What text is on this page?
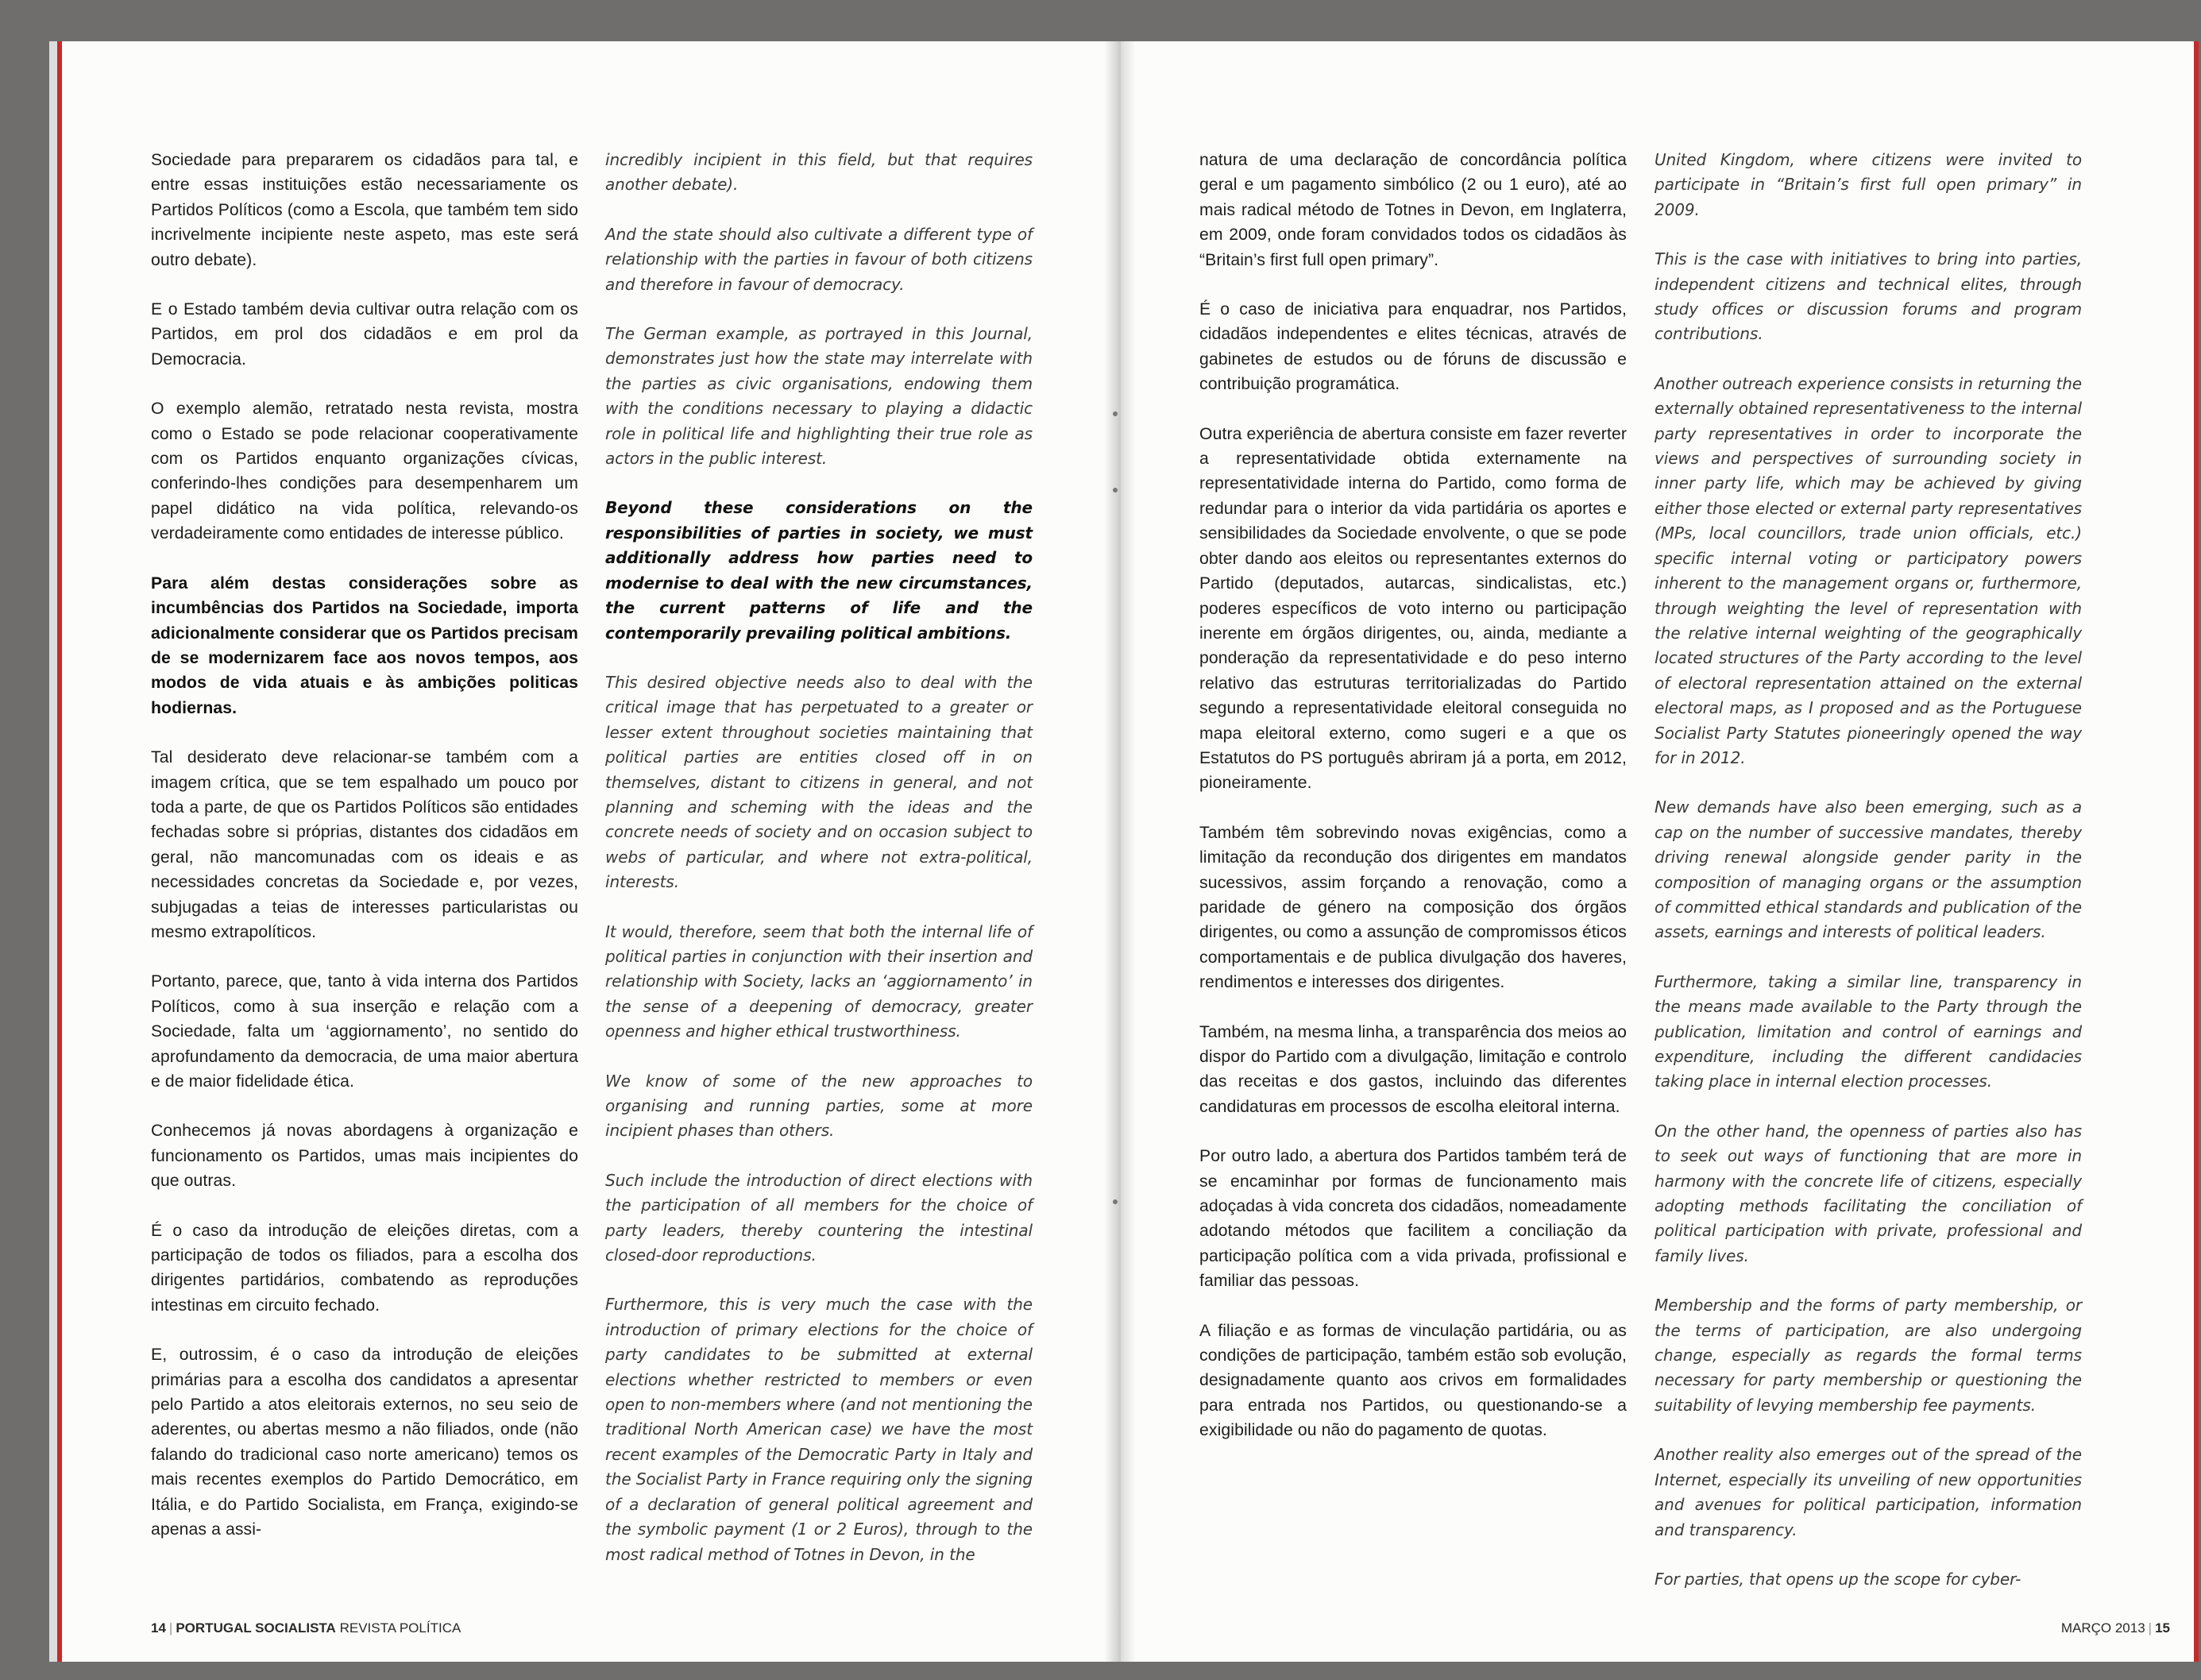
Sociedade para prepararem os cidadãos para tal, e entre essas instituições estão necessariamente os Partidos Políticos (como a Escola, que também tem sido incrivelmente incipiente neste aspeto, mas este será outro debate).

E o Estado também devia cultivar outra relação com os Partidos, em prol dos cidadãos e em prol da Democracia.

O exemplo alemão, retratado nesta revista, mostra como o Estado se pode relacionar cooperativamente com os Partidos enquanto organizações cívicas, conferindo-lhes condições para desempenharem um papel didático na vida política, relevando-os verdadeiramente como entidades de interesse público.

Para além destas considerações sobre as incumbências dos Partidos na Sociedade, importa adicionalmente considerar que os Partidos precisam de se modernizarem face aos novos tempos, aos modos de vida atuais e às ambições politicas hodiernas.

Tal desiderato deve relacionar-se também com a imagem crítica, que se tem espalhado um pouco por toda a parte, de que os Partidos Políticos são entidades fechadas sobre si próprias, distantes dos cidadãos em geral, não mancomunadas com os ideais e as necessidades concretas da Sociedade e, por vezes, subjugadas a teias de interesses particularistas ou mesmo extrapolíticos.

Portanto, parece, que, tanto à vida interna dos Partidos Políticos, como à sua inserção e relação com a Sociedade, falta um ‘aggiornamento’, no sentido do aprofundamento da democracia, de uma maior abertura e de maior fidelidade ética.

Conhecemos já novas abordagens à organização e funcionamento os Partidos, umas mais incipientes do que outras.

É o caso da introdução de eleições diretas, com a participação de todos os filiados, para a escolha dos dirigentes partidários, combatendo as reproduções intestinas em circuito fechado.

E, outrossim, é o caso da introdução de eleições primárias para a escolha dos candidatos a apresentar pelo Partido a atos eleitorais externos, no seu seio de aderentes, ou abertas mesmo a não filiados, onde (não falando do tradicional caso norte americano) temos os mais recentes exemplos do Partido Democrático, em Itália, e do Partido Socialista, em França, exigindo-se apenas a assi-

incredibly incipient in this field, but that requires another debate).

And the state should also cultivate a different type of relationship with the parties in favour of both citizens and therefore in favour of democracy.

The German example, as portrayed in this Journal, demonstrates just how the state may interrelate with the parties as civic organisations, endowing them with the conditions necessary to playing a didactic role in political life and highlighting their true role as actors in the public interest.

Beyond these considerations on the responsibilities of parties in society, we must additionally address how parties need to modernise to deal with the new circumstances, the current patterns of life and the contemporarily prevailing political ambitions.

This desired objective needs also to deal with the critical image that has perpetuated to a greater or lesser extent throughout societies maintaining that political parties are entities closed off in on themselves, distant to citizens in general, and not planning and scheming with the ideas and the concrete needs of society and on occasion subject to webs of particular, and where not extra-political, interests.

It would, therefore, seem that both the internal life of political parties in conjunction with their insertion and relationship with Society, lacks an ‘aggiornamento’ in the sense of a deepening of democracy, greater openness and higher ethical trustworthiness.

We know of some of the new approaches to organising and running parties, some at more incipient phases than others.

Such include the introduction of direct elections with the participation of all members for the choice of party leaders, thereby countering the intestinal closed-door reproductions.

Furthermore, this is very much the case with the introduction of primary elections for the choice of party candidates to be submitted at external elections whether restricted to members or even open to non-members where (and not mentioning the traditional North American case) we have the most recent examples of the Democratic Party in Italy and the Socialist Party in France requiring only the signing of a declaration of general political agreement and the symbolic payment (1 or 2 Euros), through to the most radical method of Totnes in Devon, in the

14 | PORTUGAL SOCIALISTA REVISTA POLÍTICA

natura de uma declaração de concordância política geral e um pagamento simbólico (2 ou 1 euro), até ao mais radical método de Totnes in Devon, em Inglaterra, em 2009, onde foram convidados todos os cidadãos às “Britain’s first full open primary”.

É o caso de iniciativa para enquadrar, nos Partidos, cidadãos independentes e elites técnicas, através de gabinetes de estudos ou de fóruns de discussão e contribuição programática.

Outra experiência de abertura consiste em fazer reverter a representatividade obtida externamente na representatividade interna do Partido, como forma de redundar para o interior da vida partidária os aportes e sensibilidades da Sociedade envolvente, o que se pode obter dando aos eleitos ou representantes externos do Partido (deputados, autarcas, sindicalistas, etc.) poderes específicos de voto interno ou participação inerente em órgãos dirigentes, ou, ainda, mediante a ponderação da representatividade e do peso interno relativo das estruturas territorializadas do Partido segundo a representatividade eleitoral conseguida no mapa eleitoral externo, como sugeri e a que os Estatutos do PS português abriram já a porta, em 2012, pioneiramente.

Também têm sobrevindo novas exigências, como a limitação da recondução dos dirigentes em mandatos sucessivos, assim forçando a renovação, como a paridade de género na composição dos órgãos dirigentes, ou como a assunção de compromissos éticos comportamentais e de publica divulgação dos haveres, rendimentos e interesses dos dirigentes.

Também, na mesma linha, a transparência dos meios ao dispor do Partido com a divulgação, limitação e controlo das receitas e dos gastos, incluindo das diferentes candidaturas em processos de escolha eleitoral interna.

Por outro lado, a abertura dos Partidos também terá de se encaminhar por formas de funcionamento mais adoçadas à vida concreta dos cidadãos, nomeadamente adotando métodos que facilitem a conciliação da participação política com a vida privada, profissional e familiar das pessoas.

A filiação e as formas de vinculação partidária, ou as condições de participação, também estão sob evolução, designadamente quanto aos crivos em formalidades para entrada nos Partidos, ou questionando-se a exigibilidade ou não do pagamento de quotas.

United Kingdom, where citizens were invited to participate in “Britain’s first full open primary” in 2009.

This is the case with initiatives to bring into parties, independent citizens and technical elites, through study offices or discussion forums and program contributions.

Another outreach experience consists in returning the externally obtained representativeness to the internal party representatives in order to incorporate the views and perspectives of surrounding society in inner party life, which may be achieved by giving either those elected or external party representatives (MPs, local councillors, trade union officials, etc.) specific internal voting or participatory powers inherent to the management organs or, furthermore, through weighting the level of representation with the relative internal weighting of the geographically located structures of the Party according to the level of electoral representation attained on the external electoral maps, as I proposed and as the Portuguese Socialist Party Statutes pioneeringly opened the way for in 2012.

New demands have also been emerging, such as a cap on the number of successive mandates, thereby driving renewal alongside gender parity in the composition of managing organs or the assumption of committed ethical standards and publication of the assets, earnings and interests of political leaders.

Furthermore, taking a similar line, transparency in the means made available to the Party through the publication, limitation and control of earnings and expenditure, including the different candidacies taking place in internal election processes.

On the other hand, the openness of parties also has to seek out ways of functioning that are more in harmony with the concrete life of citizens, especially adopting methods facilitating the conciliation of political participation with private, professional and family lives.

Membership and the forms of party membership, or the terms of participation, are also undergoing change, especially as regards the formal terms necessary for party membership or questioning the suitability of levying membership fee payments.

Another reality also emerges out of the spread of the Internet, especially its unveiling of new opportunities and avenues for political participation, information and transparency.

For parties, that opens up the scope for cyber-

MARÇO 2013 | 15
